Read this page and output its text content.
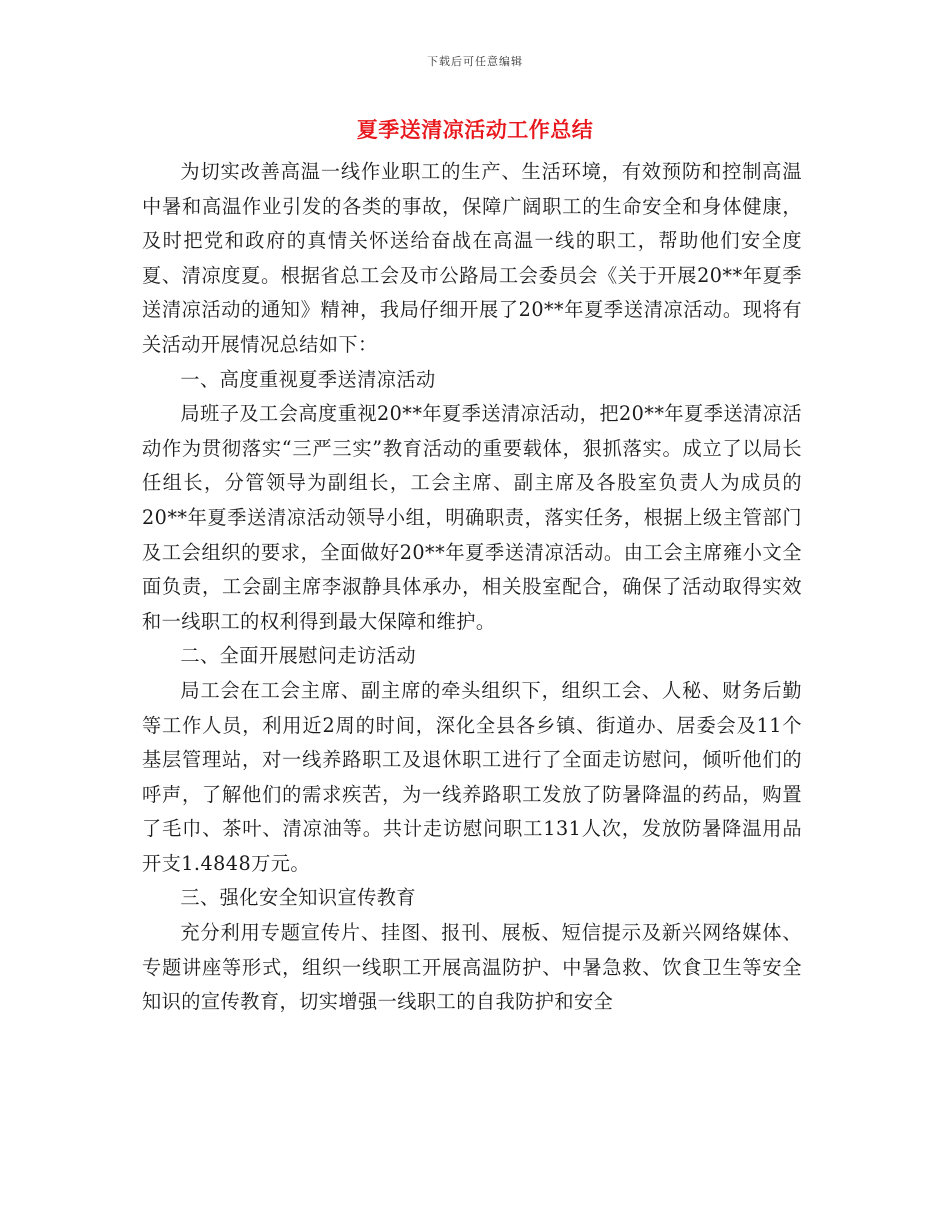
下载后可任意编辑
夏季送清凉活动工作总结

为切实改善高温一线作业职工的生产、生活环境，有效预防和控制高温中暑和高温作业引发的各类的事故，保障广阔职工的生命安全和身体健康，及时把党和政府的真情关怀送给奋战在高温一线的职工，帮助他们安全度夏、清凉度夏。根据省总工会及市公路局工会委员会《关于开展20**年夏季送清凉活动的通知》精神，我局仔细开展了20**年夏季送清凉活动。现将有关活动开展情况总结如下：

一、高度重视夏季送清凉活动

局班子及工会高度重视20**年夏季送清凉活动，把20**年夏季送清凉活动作为贯彻落实“三严三实”教育活动的重要载体，狠抓落实。成立了以局长任组长，分管领导为副组长，工会主席、副主席及各股室负责人为成员的20**年夏季送清凉活动领导小组，明确职责，落实任务，根据上级主管部门及工会组织的要求，全面做好20**年夏季送清凉活动。由工会主席雍小文全面负责，工会副主席李淑静具体承办，相关股室配合，确保了活动取得实效和一线职工的权利得到最大保障和维护。

二、全面开展慰问走访活动

局工会在工会主席、副主席的牵头组织下，组织工会、人秘、财务后勤等工作人员，利用近2周的时间，深化全县各乡镇、街道办、居委会及11个基层管理站，对一线养路职工及退休职工进行了全面走访慰问，倾听他们的呼声，了解他们的需求疾苦，为一线养路职工发放了防暑降温的药品，购置了毛巾、茶叶、清凉油等。共计走访慰问职工131人次，发放防暑降温用品开支1.4848万元。

三、强化安全知识宣传教育

充分利用专题宣传片、挂图、报刊、展板、短信提示及新兴网络媒体、专题讲座等形式，组织一线职工开展高温防护、中暑急救、饮食卫生等安全知识的宣传教育，切实增强一线职工的自我防护和安全
